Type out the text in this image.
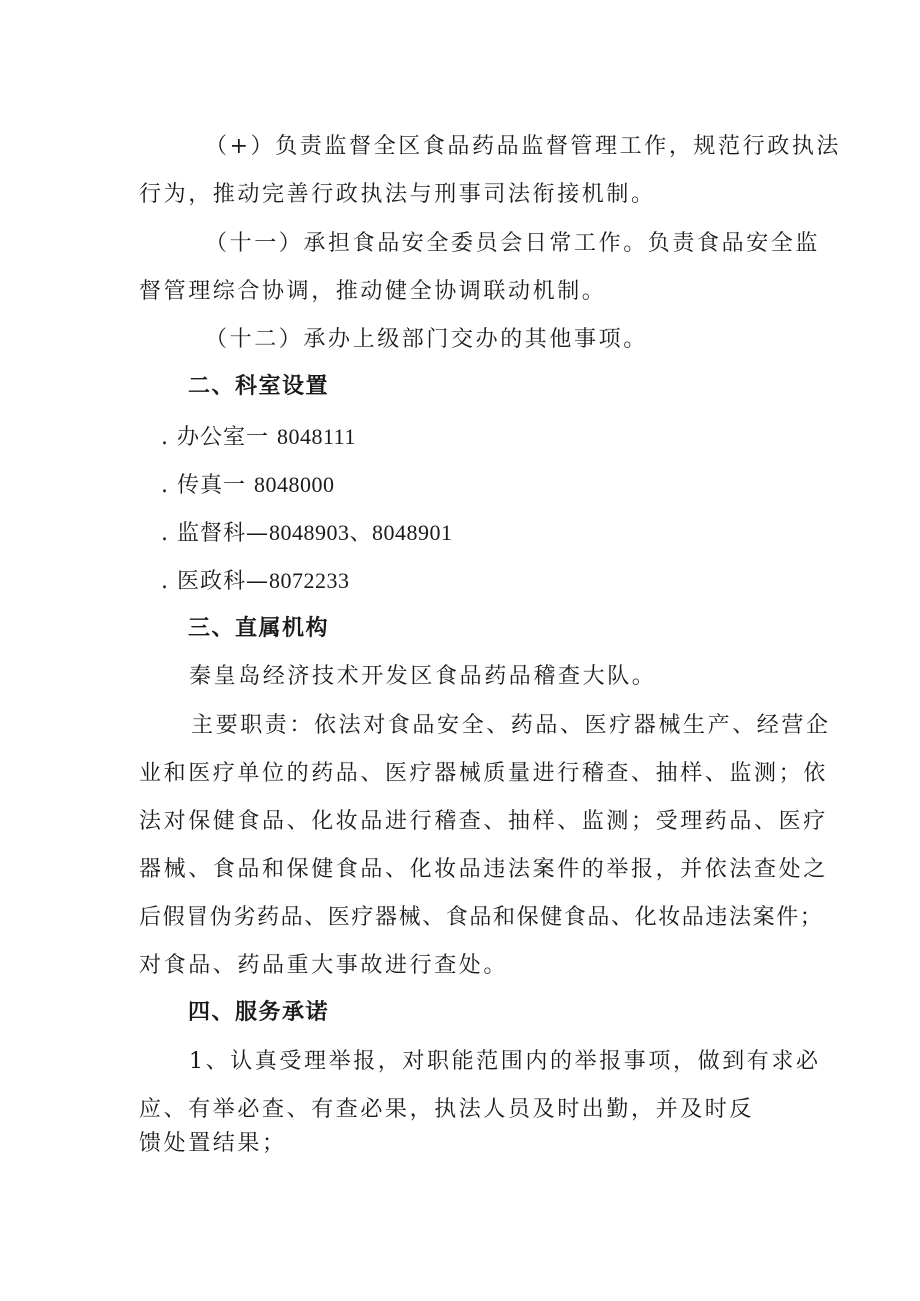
（+）负责监督全区食品药品监督管理工作，规范行政执法
行为，推动完善行政执法与刑事司法衔接机制。
（十一）承担食品安全委员会日常工作。负责食品安全监
督管理综合协调，推动健全协调联动机制。
（十二）承办上级部门交办的其他事项。
二、科室设置
. 办公室一 8048111
. 传真一 8048000
. 监督科—8048903、8048901
. 医政科—8072233
三、直属机构
秦皇岛经济技术开发区食品药品稽查大队。
主要职责：依法对食品安全、药品、医疗器械生产、经营企
业和医疗单位的药品、医疗器械质量进行稽查、抽样、监测；依
法对保健食品、化妆品进行稽查、抽样、监测；受理药品、医疗
器械、食品和保健食品、化妆品违法案件的举报，并依法查处之
后假冒伪劣药品、医疗器械、食品和保健食品、化妆品违法案件；
对食品、药品重大事故进行查处。
四、服务承诺
1、认真受理举报，对职能范围内的举报事项，做到有求必
应、有举必查、有查必果，执法人员及时出勤，并及时反
馈处置结果；
